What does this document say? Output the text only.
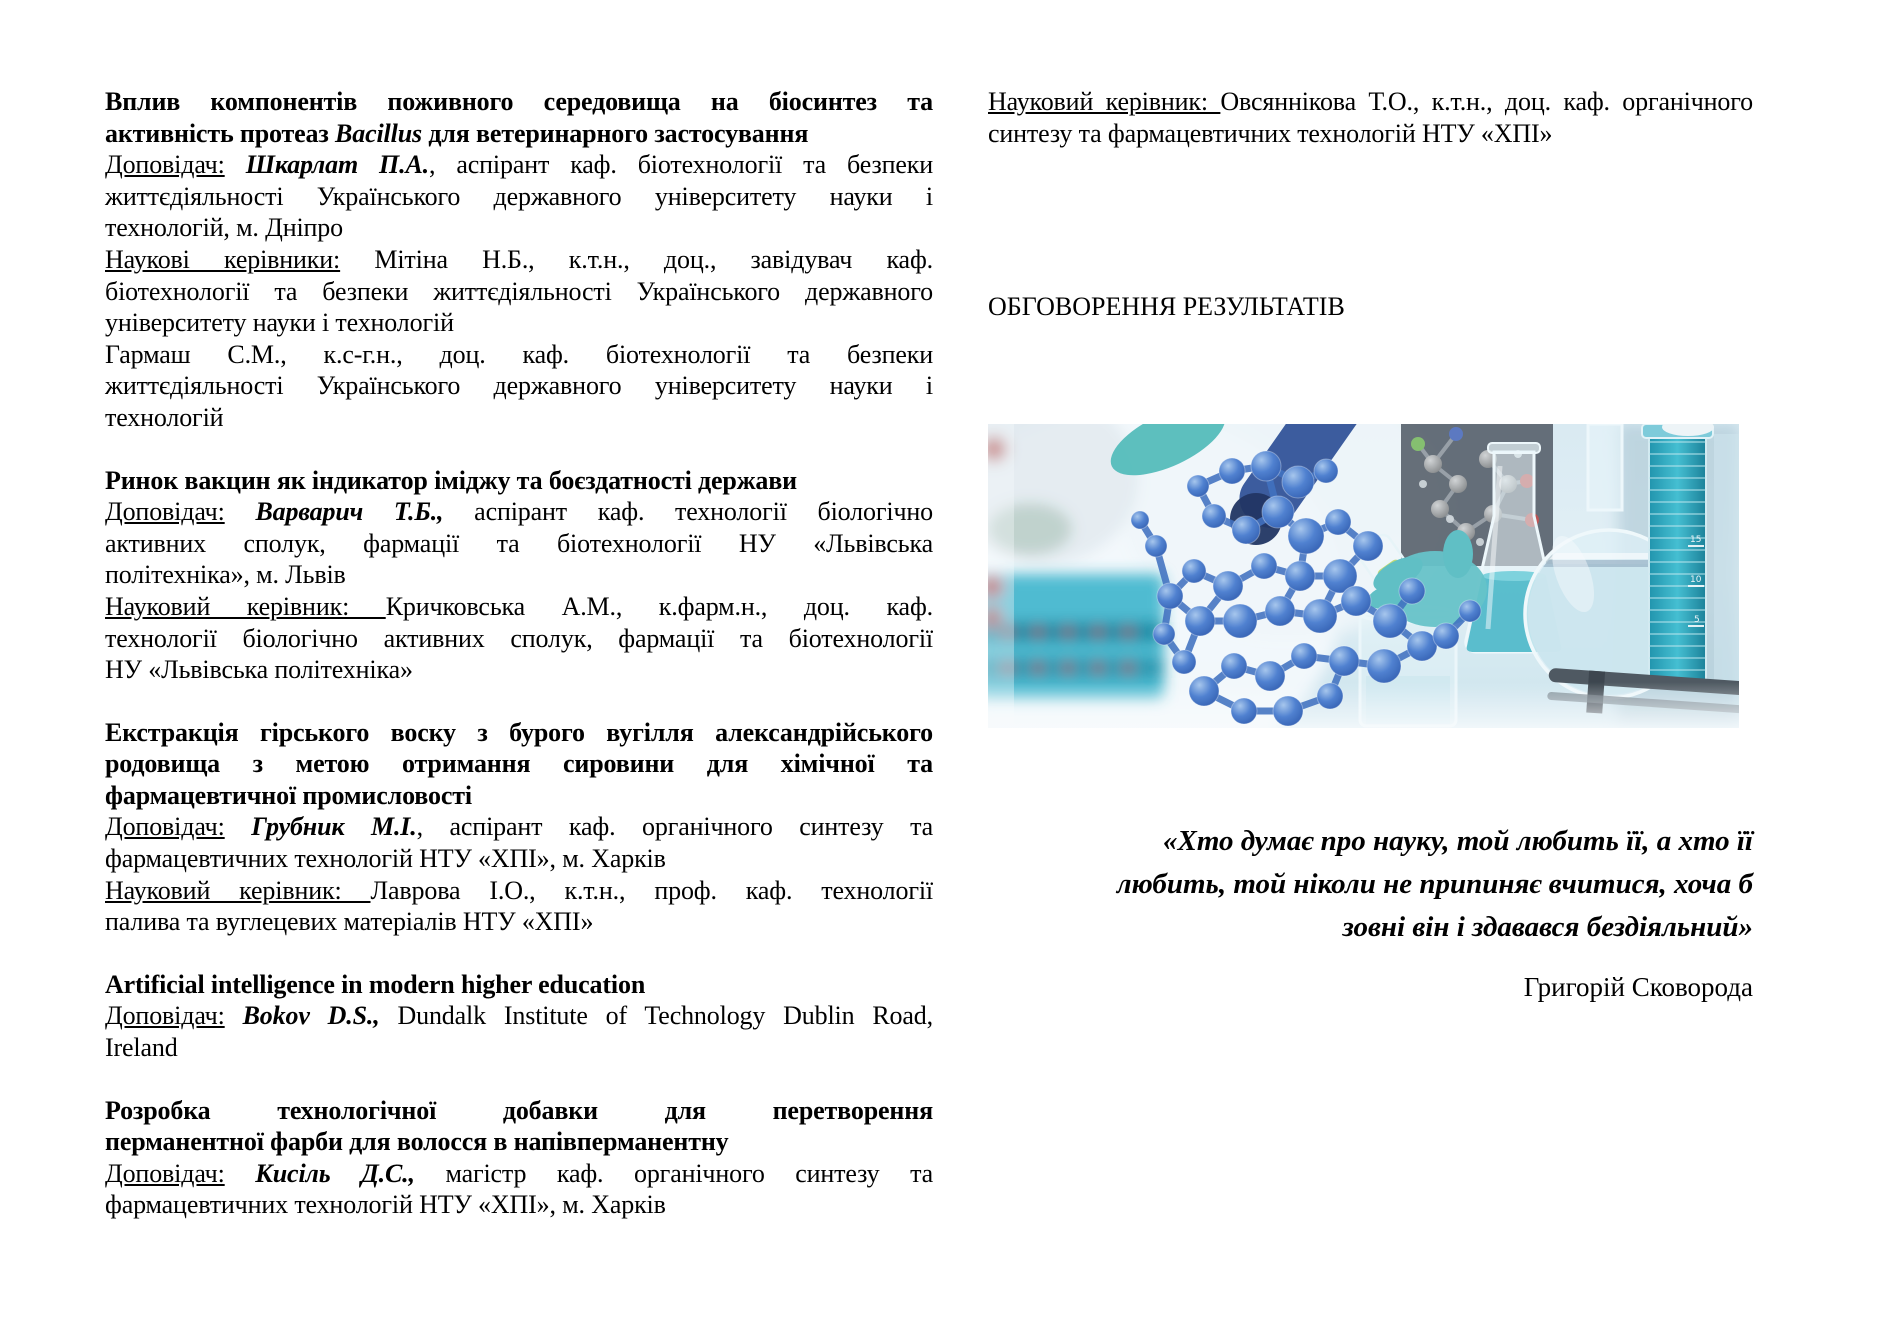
Вплив компонентів поживного середовища на біосинтез та
активність протеаз Bacillus для ветеринарного застосування
Доповідач: Шкарлат П.А., аспірант каф. біотехнології та безпеки
життєдіяльності Українського державного університету науки і
технологій, м. Дніпро
Наукові керівники: Мітіна Н.Б., к.т.н., доц., завідувач каф.
біотехнології та безпеки життєдіяльності Українського державного
університету науки і технологій
Гармаш С.М., к.с-г.н., доц. каф. біотехнології та безпеки
життєдіяльності Українського державного університету науки і
технологій
Ринок вакцин як індикатор іміджу та боєздатності держави
Доповідач: Варварич Т.Б., аспірант каф. технології біологічно
активних сполук, фармації та біотехнології НУ «Львівська
політехніка», м. Львів
Науковий керівник: Кричковська А.М., к.фарм.н., доц. каф.
технології біологічно активних сполук, фармації та біотехнології
НУ «Львівська політехніка»
Екстракція гірського воску з бурого вугілля александрійського
родовища з метою отримання сировини для хімічної та
фармацевтичної промисловості
Доповідач: Грубник М.І., аспірант каф. органічного синтезу та
фармацевтичних технологій НТУ «ХПІ», м. Харків
Науковий керівник: Лаврова І.О., к.т.н., проф. каф. технології
палива та вуглецевих матеріалів НТУ «ХПІ»
Artificial intelligence in modern higher education
Доповідач: Bokov D.S., Dundalk Institute of Technology Dublin Road,
Ireland
Розробка технологічної добавки для перетворення
перманентної фарби для волосся в напівперманентну
Доповідач: Кисіль Д.С., магістр каф. органічного синтезу та
фармацевтичних технологій НТУ «ХПІ», м. Харків
Науковий керівник: Овсяннікова Т.О., к.т.н., доц. каф. органічного
синтезу та фармацевтичних технологій НТУ «ХПІ»
ОБГОВОРЕННЯ РЕЗУЛЬТАТІВ
15
10
5
«Хто думає про науку, той любить її, а хто її
любить, той ніколи не припиняє вчитися, хоча б
зовні він і здавався бездіяльний»
Григорій Сковорода
